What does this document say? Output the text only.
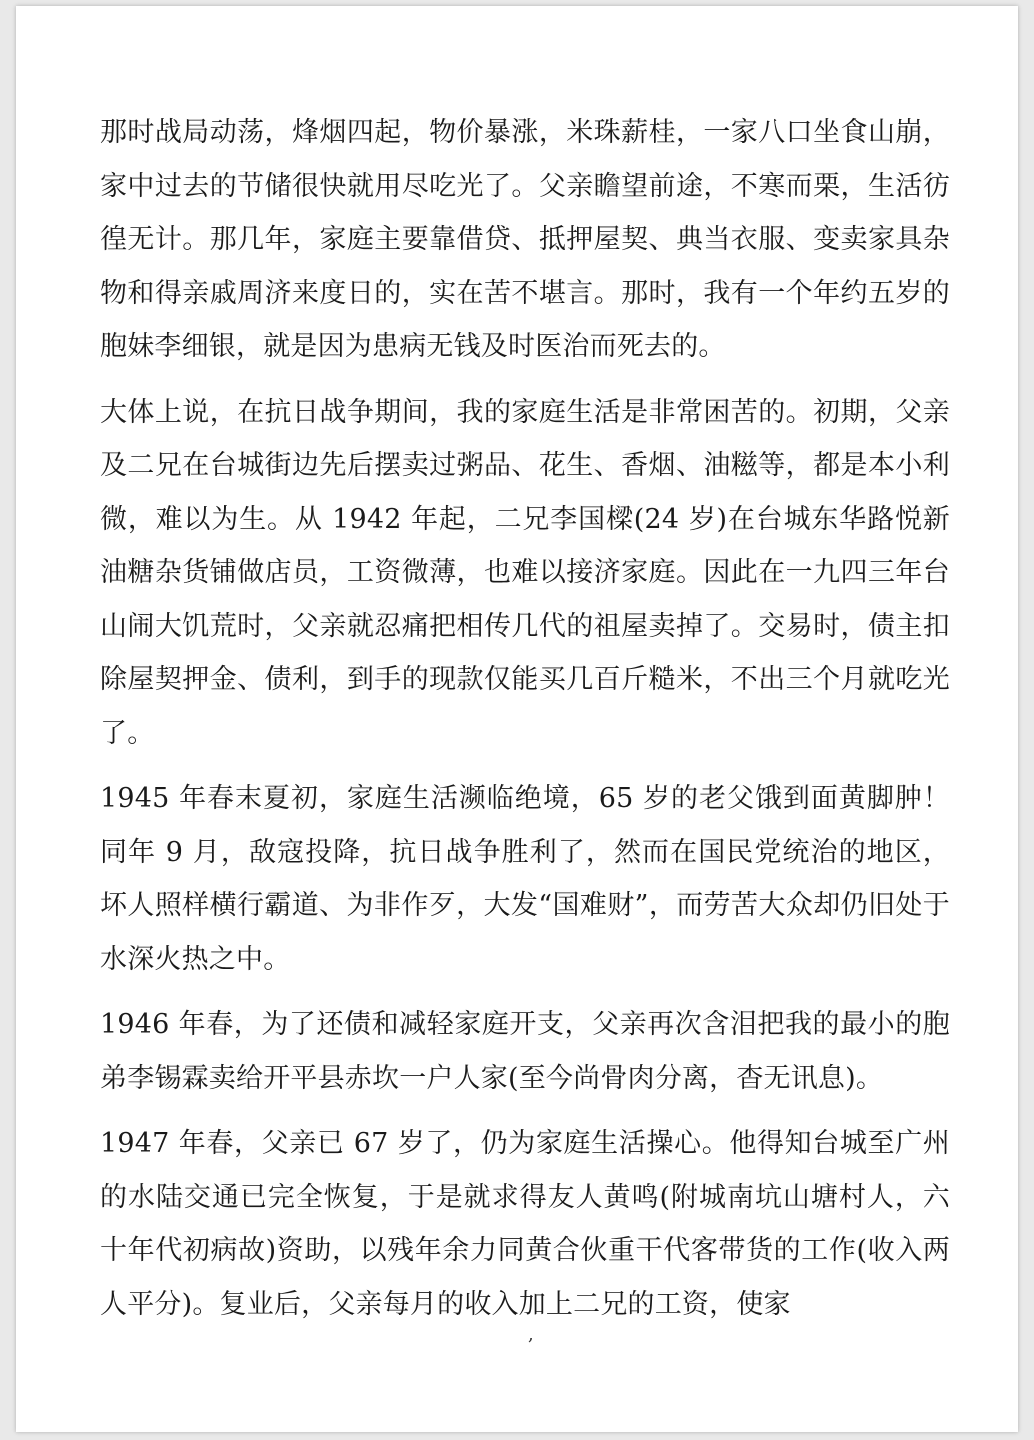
那时战局动荡，烽烟四起，物价暴涨，米珠薪桂，一家八口坐食山崩，家中过去的节储很快就用尽吃光了。父亲瞻望前途，不寒而栗，生活彷徨无计。那几年，家庭主要靠借贷、抵押屋契、典当衣服、变卖家具杂物和得亲戚周济来度日的，实在苦不堪言。那时，我有一个年约五岁的胞妹李细银，就是因为患病无钱及时医治而死去的。

大体上说，在抗日战争期间，我的家庭生活是非常困苦的。初期，父亲及二兄在台城街边先后摆卖过粥品、花生、香烟、油糍等，都是本小利微，难以为生。从 1942 年起，二兄李国樑(24 岁)在台城东华路悦新油糖杂货铺做店员，工资微薄，也难以接济家庭。因此在一九四三年台山闹大饥荒时，父亲就忍痛把相传几代的祖屋卖掉了。交易时，债主扣除屋契押金、债利，到手的现款仅能买几百斤糙米，不出三个月就吃光了。

1945 年春末夏初，家庭生活濒临绝境，65 岁的老父饿到面黄脚肿！同年 9 月，敌寇投降，抗日战争胜利了，然而在国民党统治的地区，坏人照样横行霸道、为非作歹，大发“国难财”，而劳苦大众却仍旧处于水深火热之中。

1946 年春，为了还债和减轻家庭开支，父亲再次含泪把我的最小的胞弟李锡霖卖给开平县赤坎一户人家(至今尚骨肉分离，杳无讯息)。

1947 年春，父亲已 67 岁了，仍为家庭生活操心。他得知台城至广州的水陆交通已完全恢复，于是就求得友人黄鸣(附城南坑山塘村人，六十年代初病故)资助，以残年余力同黄合伙重干代客带货的工作(收入两人平分)。复业后，父亲每月的收入加上二兄的工资，使家

,
